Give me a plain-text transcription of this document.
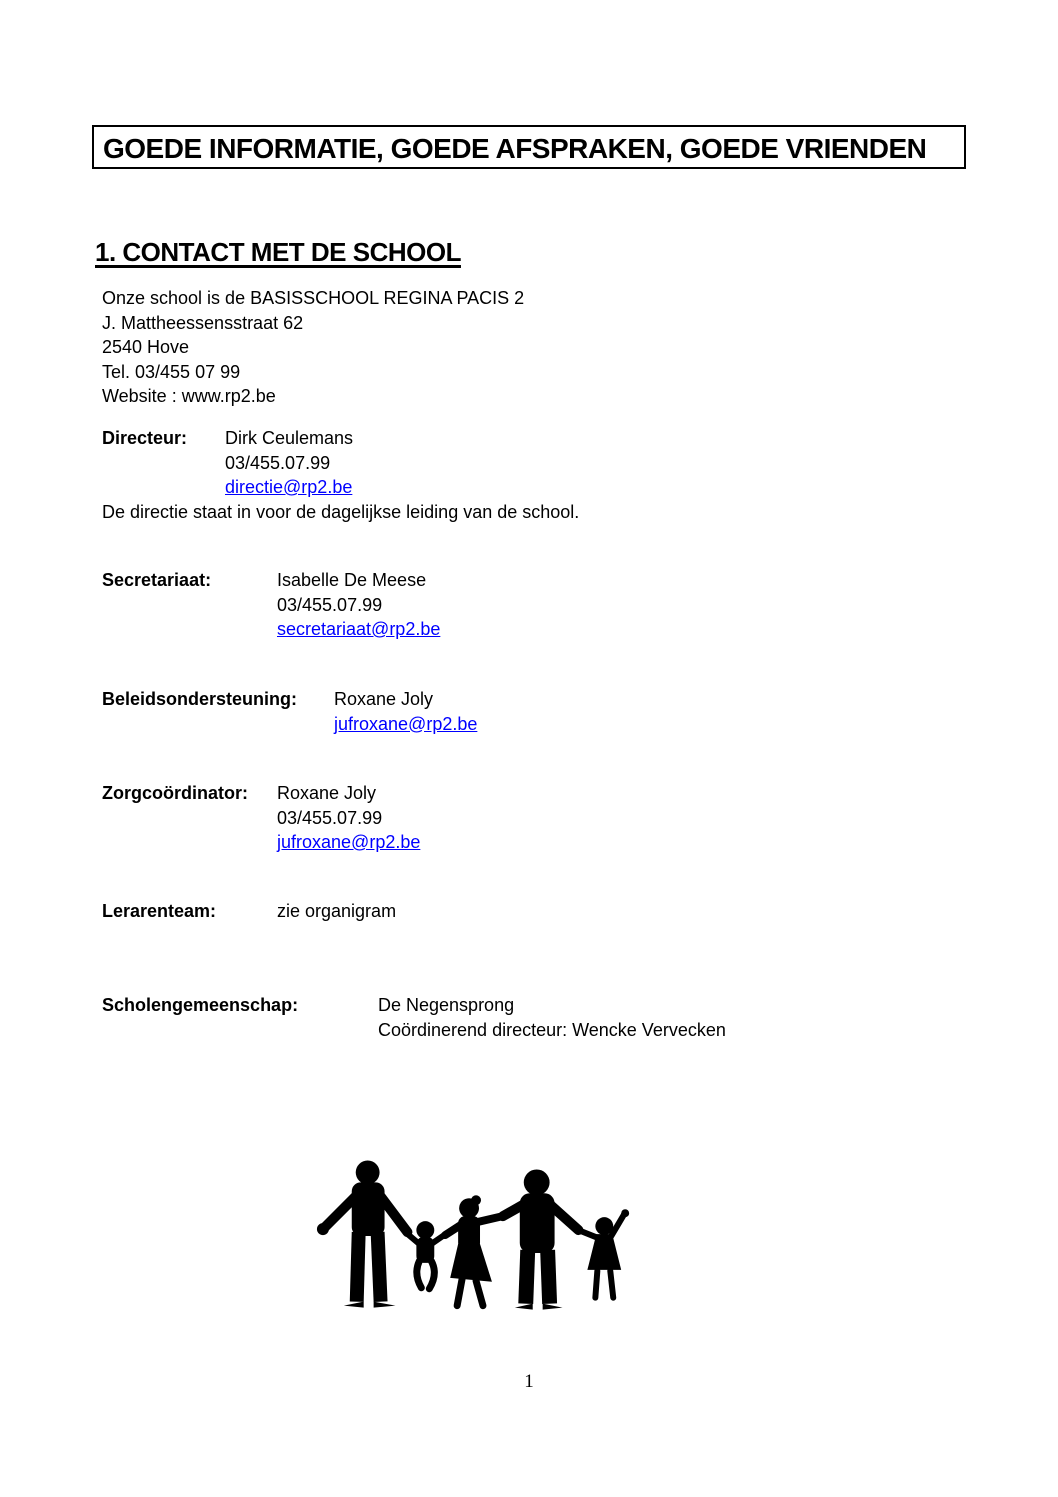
GOEDE INFORMATIE, GOEDE AFSPRAKEN, GOEDE VRIENDEN
1. CONTACT MET DE SCHOOL
Onze school is de BASISSCHOOL REGINA PACIS 2
J. Mattheessensstraat 62
2540 Hove
Tel. 03/455 07 99
Website : www.rp2.be
Directeur: Dirk Ceulemans
03/455.07.99
directie@rp2.be
De directie staat in voor de dagelijkse leiding van de school.
Secretariaat:	Isabelle De Meese
03/455.07.99
secretariaat@rp2.be
Beleidsondersteuning: Roxane Joly
jufroxane@rp2.be
Zorgcoördinator: Roxane Joly
03/455.07.99
jufroxane@rp2.be
Lerarenteam:	zie organigram
Scholengemeenschap:	De Negensprong
Coördinerend directeur: Wencke Vervecken
1
